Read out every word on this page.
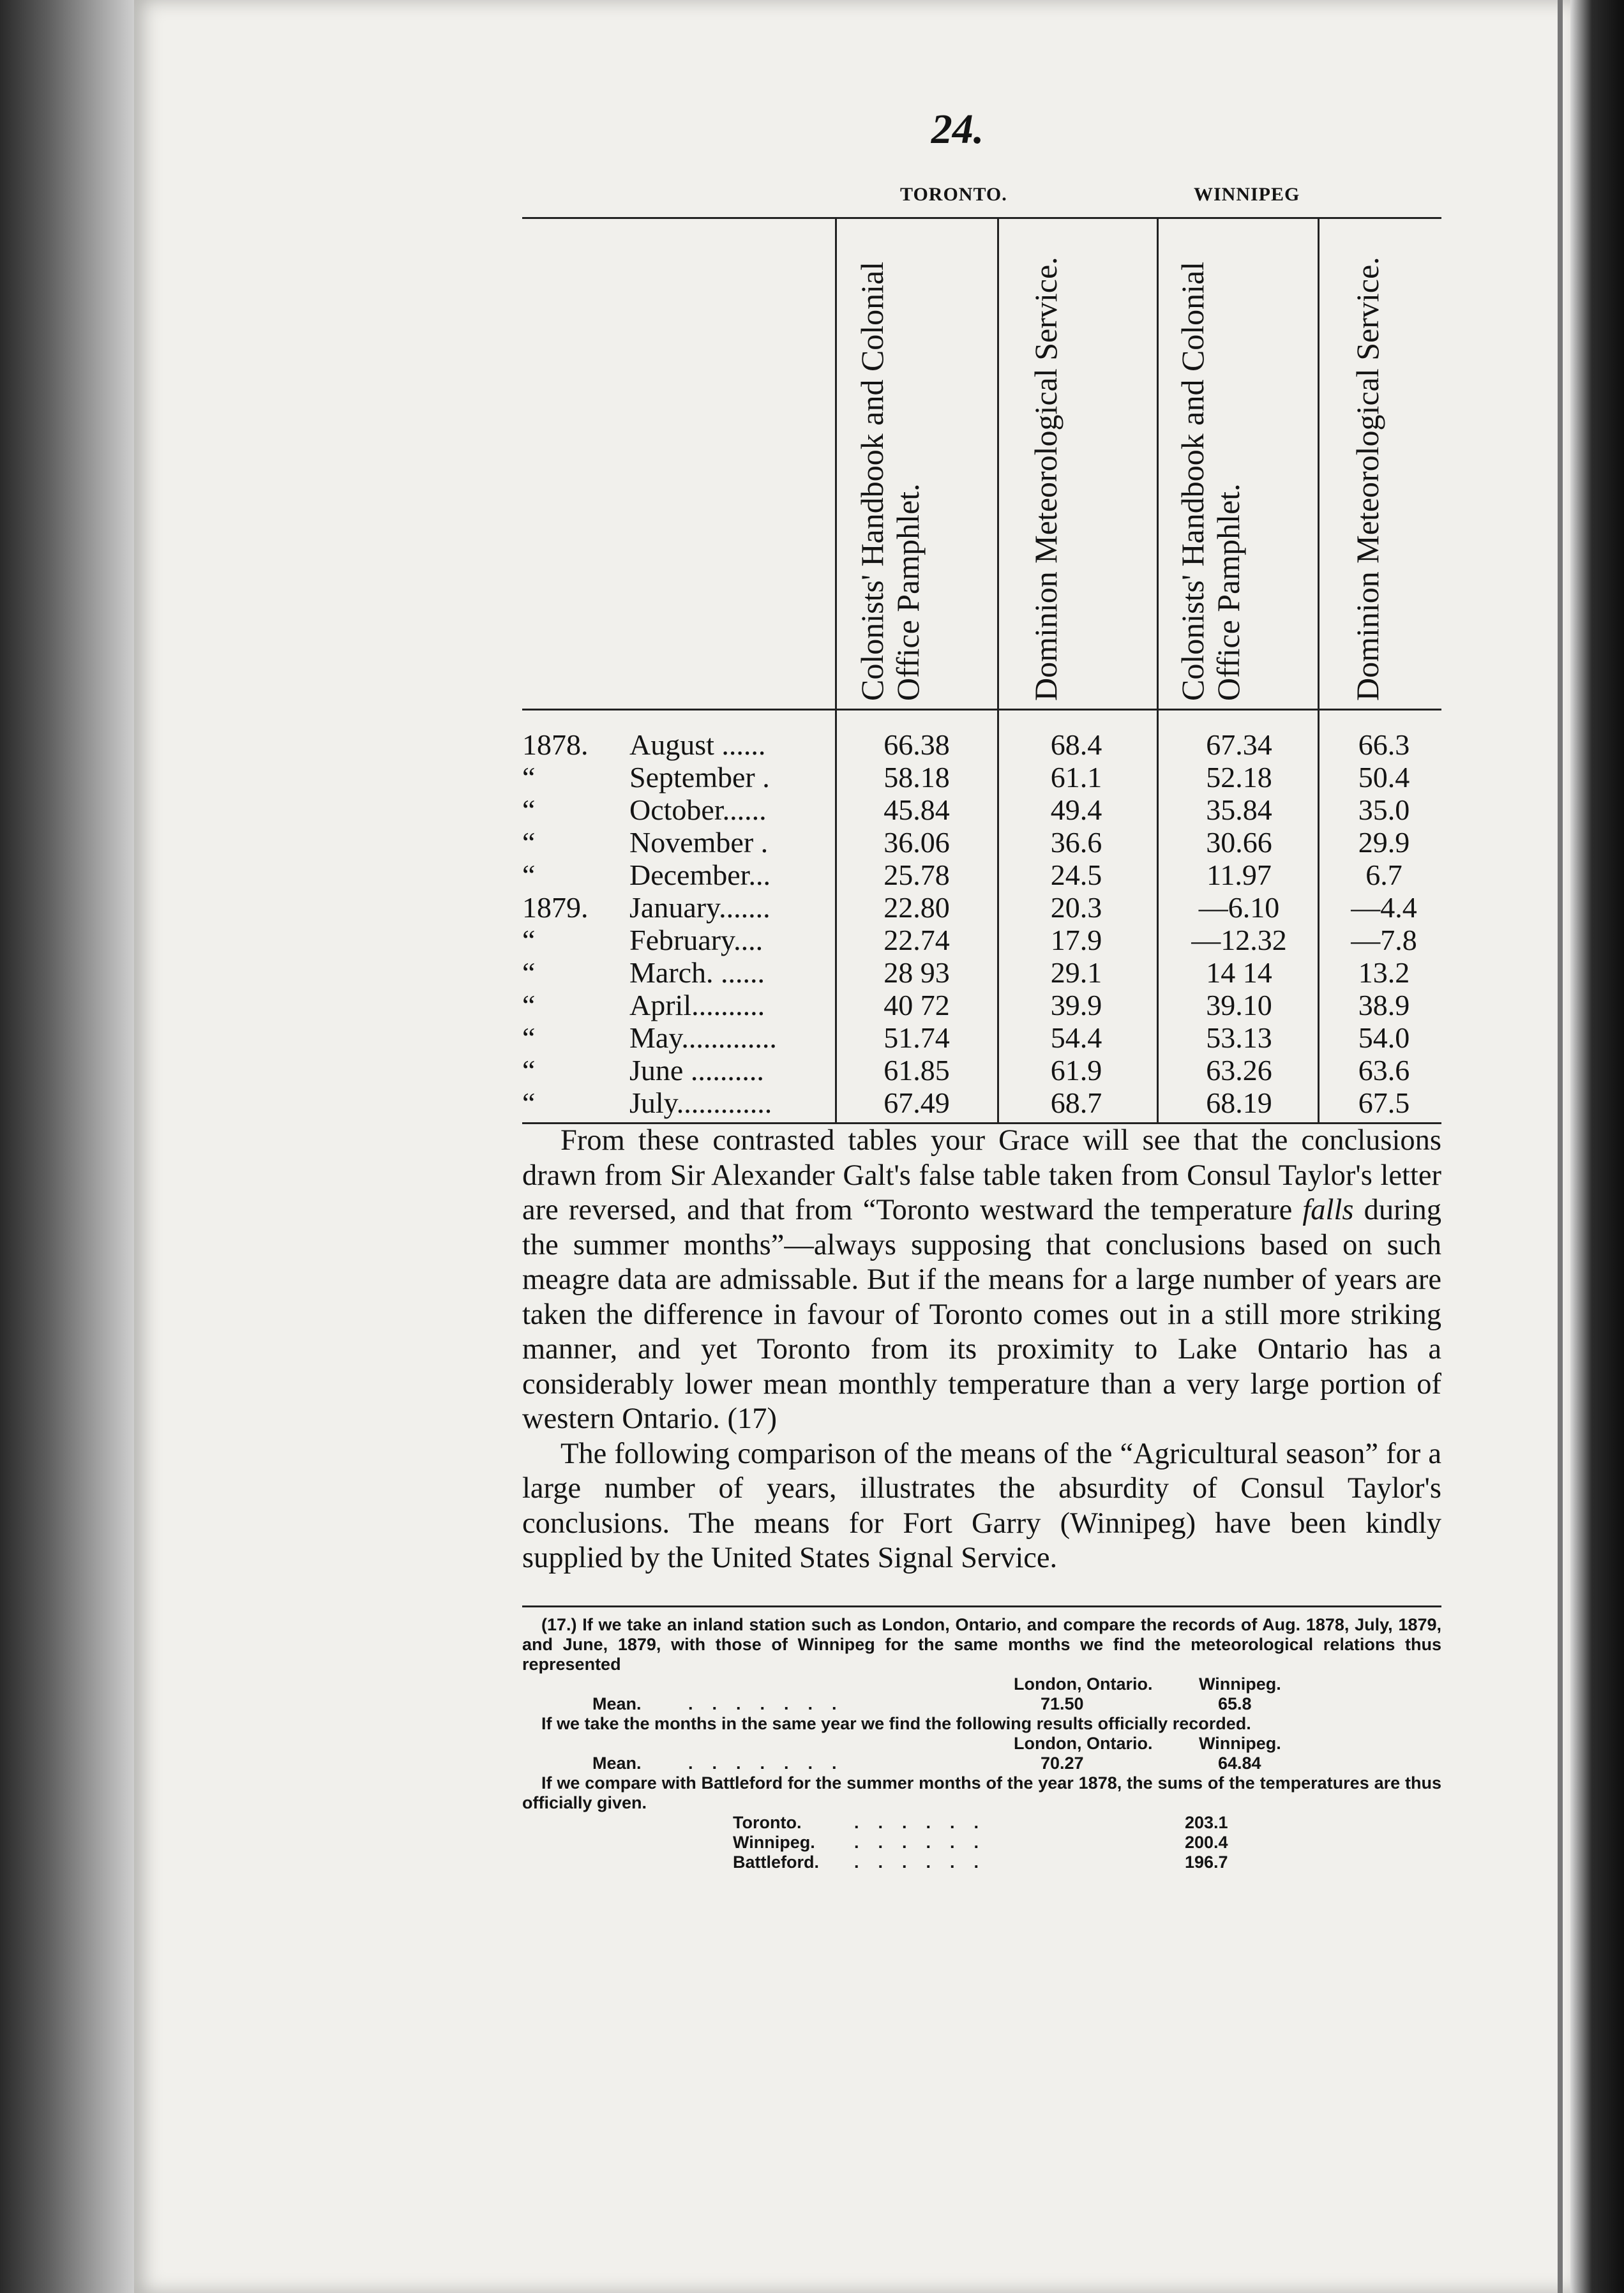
24.
TORONTO.	WINNIPEG
Colonists' Handbook and Colonial Office Pamphlet.	Dominion Meteorological Service.	Colonists' Handbook and Colonial Office Pamphlet.	Dominion Meteorological Service.
1878.	August ......	66.38	68.4	67.34	66.3
“	September .	58.18	61.1	52.18	50.4
“	October......	45.84	49.4	35.84	35.0
“	November .	36.06	36.6	30.66	29.9
“	December...	25.78	24.5	11.97	6.7
1879.	January.......	22.80	20.3	—6.10	—4.4
“	February....	22.74	17.9	—12.32	—7.8
“	March. ......	28 93	29.1	14 14	13.2
“	April..........	40 72	39.9	39.10	38.9
“	May.............	51.74	54.4	53.13	54.0
“	June ..........	61.85	61.9	63.26	63.6
“	July.............	67.49	68.7	68.19	67.5

From these contrasted tables your Grace will see that the conclusions drawn from Sir Alexander Galt's false table taken from Consul Taylor's letter are reversed, and that from “Toronto westward the temperature falls during the summer months”—always supposing that conclusions based on such meagre data are admissable. But if the means for a large number of years are taken the difference in favour of Toronto comes out in a still more striking manner, and yet Toronto from its proximity to Lake Ontario has a considerably lower mean monthly temperature than a very large portion of western Ontario. (17)

The following comparison of the means of the “Agricultural season” for a large number of years, illustrates the absurdity of Consul Taylor's conclusions. The means for Fort Garry (Winnipeg) have been kindly supplied by the United States Signal Service.

(17.) If we take an inland station such as London, Ontario, and compare the records of Aug. 1878, July, 1879, and June, 1879, with those of Winnipeg for the same months we find the meteorological relations thus represented

London, Ontario.	Winnipeg.
Mean.	.......	71.50	65.8

If we take the months in the same year we find the following results officially recorded.

London, Ontario.	Winnipeg.
Mean.	.......	70.27	64.84

If we compare with Battleford for the summer months of the year 1878, the sums of the temperatures are thus officially given.

Toronto.	......	203.1
Winnipeg. ......	200.4
Battleford. ......	196.7
